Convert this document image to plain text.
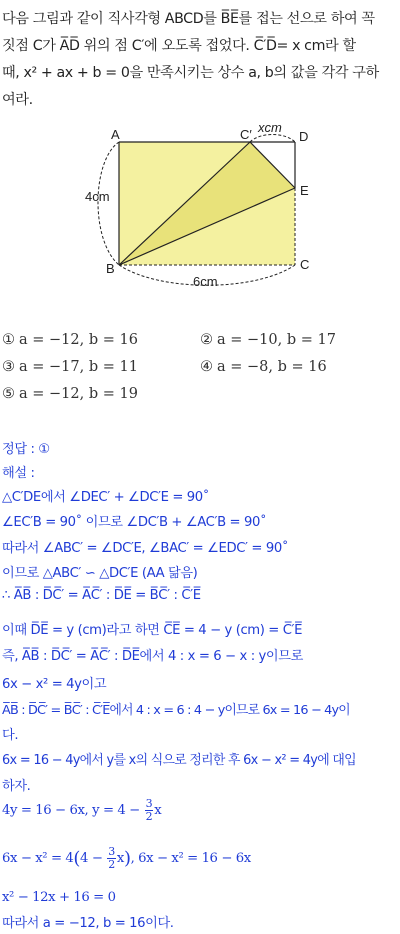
다음 그림과 같이 직사각형 ABCD를 B̅E̅를 접는 선으로 하여 꼭
짓점 C가 A̅D̅ 위의 점 C′에 오도록 접었다. C̅′D̅= x cm라 할
때, x² + ax + b = 0을 만족시키는 상수 a, b의 값을 각각 구하
여라.
A
B	C
D
E
C′ xcm
4cm
6cm
① a = −12, b = 16	② a = −10, b = 17
③ a = −17, b = 11	④ a = −8, b = 16
⑤ a = −12, b = 19
정답 : ①
해설 :
△C′DE에서 ∠DEC′ + ∠DC′E = 90˚
∠EC′B = 90˚ 이므로 ∠DC′B + ∠AC′B = 90˚
따라서 ∠ABC′ = ∠DC′E, ∠BAC′ = ∠EDC′ = 90˚
이므로 △ABC′ ∽ △DC′E (AA 닮음)
∴ A̅B̅ : D̅C̅′ = A̅C̅′ : D̅E̅ = B̅C̅′ : C̅′E̅
이때 D̅E̅ = y (cm)라고 하면 C̅E̅ = 4 − y (cm) = C̅′E̅
즉, A̅B̅ : D̅C̅′ = A̅C̅′ : D̅E̅에서 4 : x = 6 − x : y이므로
6x − x² = 4y이고
A̅B̅ : D̅C̅′ = B̅C̅′ : C̅′E̅에서 4 : x = 6 : 4 − y이므로 6x = 16 − 4y이
다.
6x = 16 − 4y에서 y를 x의 식으로 정리한 후 6x − x² = 4y에 대입
하자.
4y = 16 − 6x, $y = 4 - \frac{3}{2}$ x
$6x - x^2 = 4(4 - \frac{3}{2} x)$, 6x − x² = 16 − 6x
x² − 12x + 16 = 0
따라서 a = −12, b = 16이다.
